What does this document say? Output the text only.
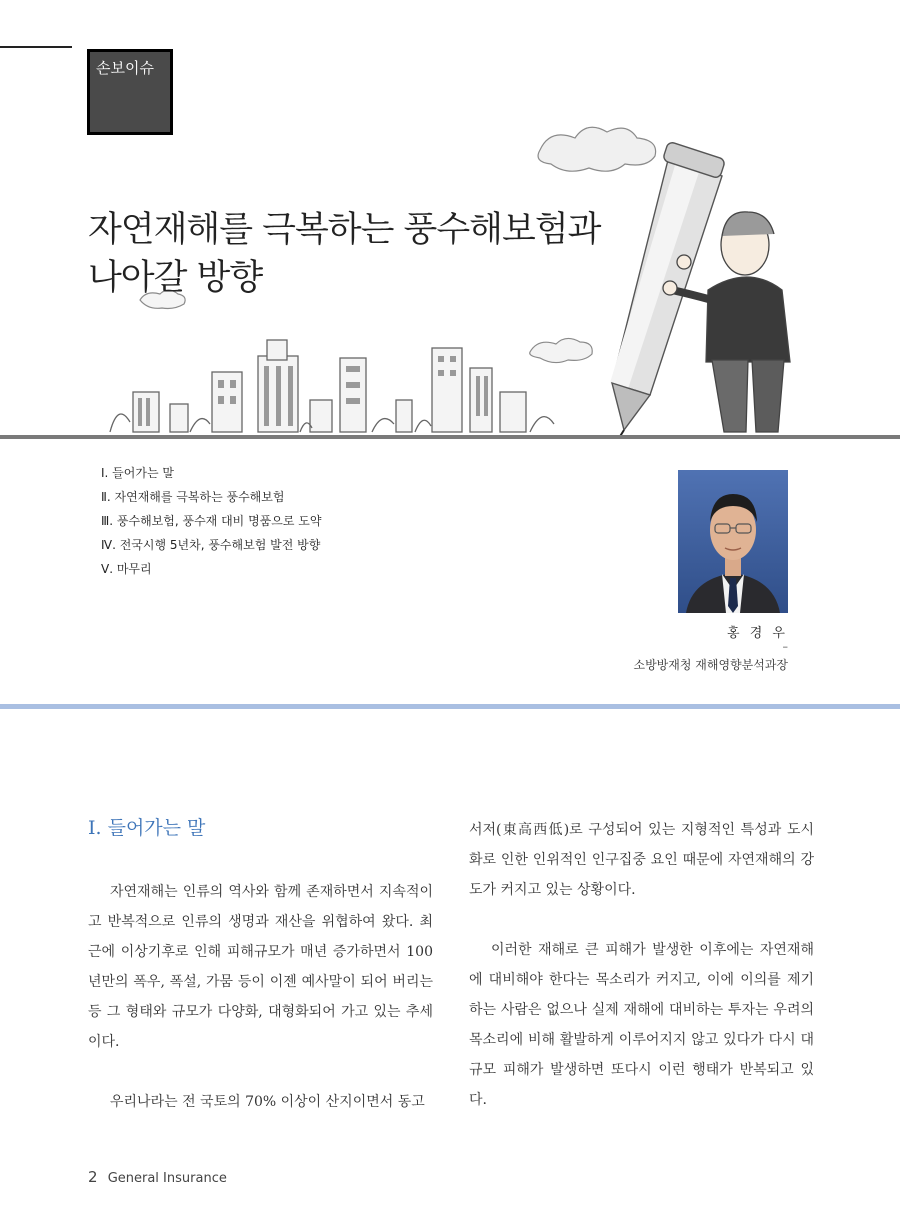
손보이슈
자연재해를 극복하는 풍수해보험과
나아갈 방향
Ⅰ. 들어가는 말
Ⅱ. 자연재해를 극복하는 풍수해보험
Ⅲ. 풍수해보험, 풍수재 대비 명품으로 도약
Ⅳ. 전국시행 5년차, 풍수해보험 발전 방향
Ⅴ. 마무리
홍 경 우
–
소방방재청 재해영향분석과장
Ⅰ. 들어가는 말

자연재해는 인류의 역사와 함께 존재하면서 지속적이고 반복적으로 인류의 생명과 재산을 위협하여 왔다. 최근에 이상기후로 인해 피해규모가 매년 증가하면서 100년만의 폭우, 폭설, 가뭄 등이 이젠 예사말이 되어 버리는 등 그 형태와 규모가 다양화, 대형화되어 가고 있는 추세이다.

우리나라는 전 국토의 70% 이상이 산지이면서 동고

서저(東高西低)로 구성되어 있는 지형적인 특성과 도시화로 인한 인위적인 인구집중 요인 때문에 자연재해의 강도가 커지고 있는 상황이다.

이러한 재해로 큰 피해가 발생한 이후에는 자연재해에 대비해야 한다는 목소리가 커지고, 이에 이의를 제기하는 사람은 없으나 실제 재해에 대비하는 투자는 우려의 목소리에 비해 활발하게 이루어지지 않고 있다가 다시 대규모 피해가 발생하면 또다시 이런 행태가 반복되고 있다.

2 General Insurance
